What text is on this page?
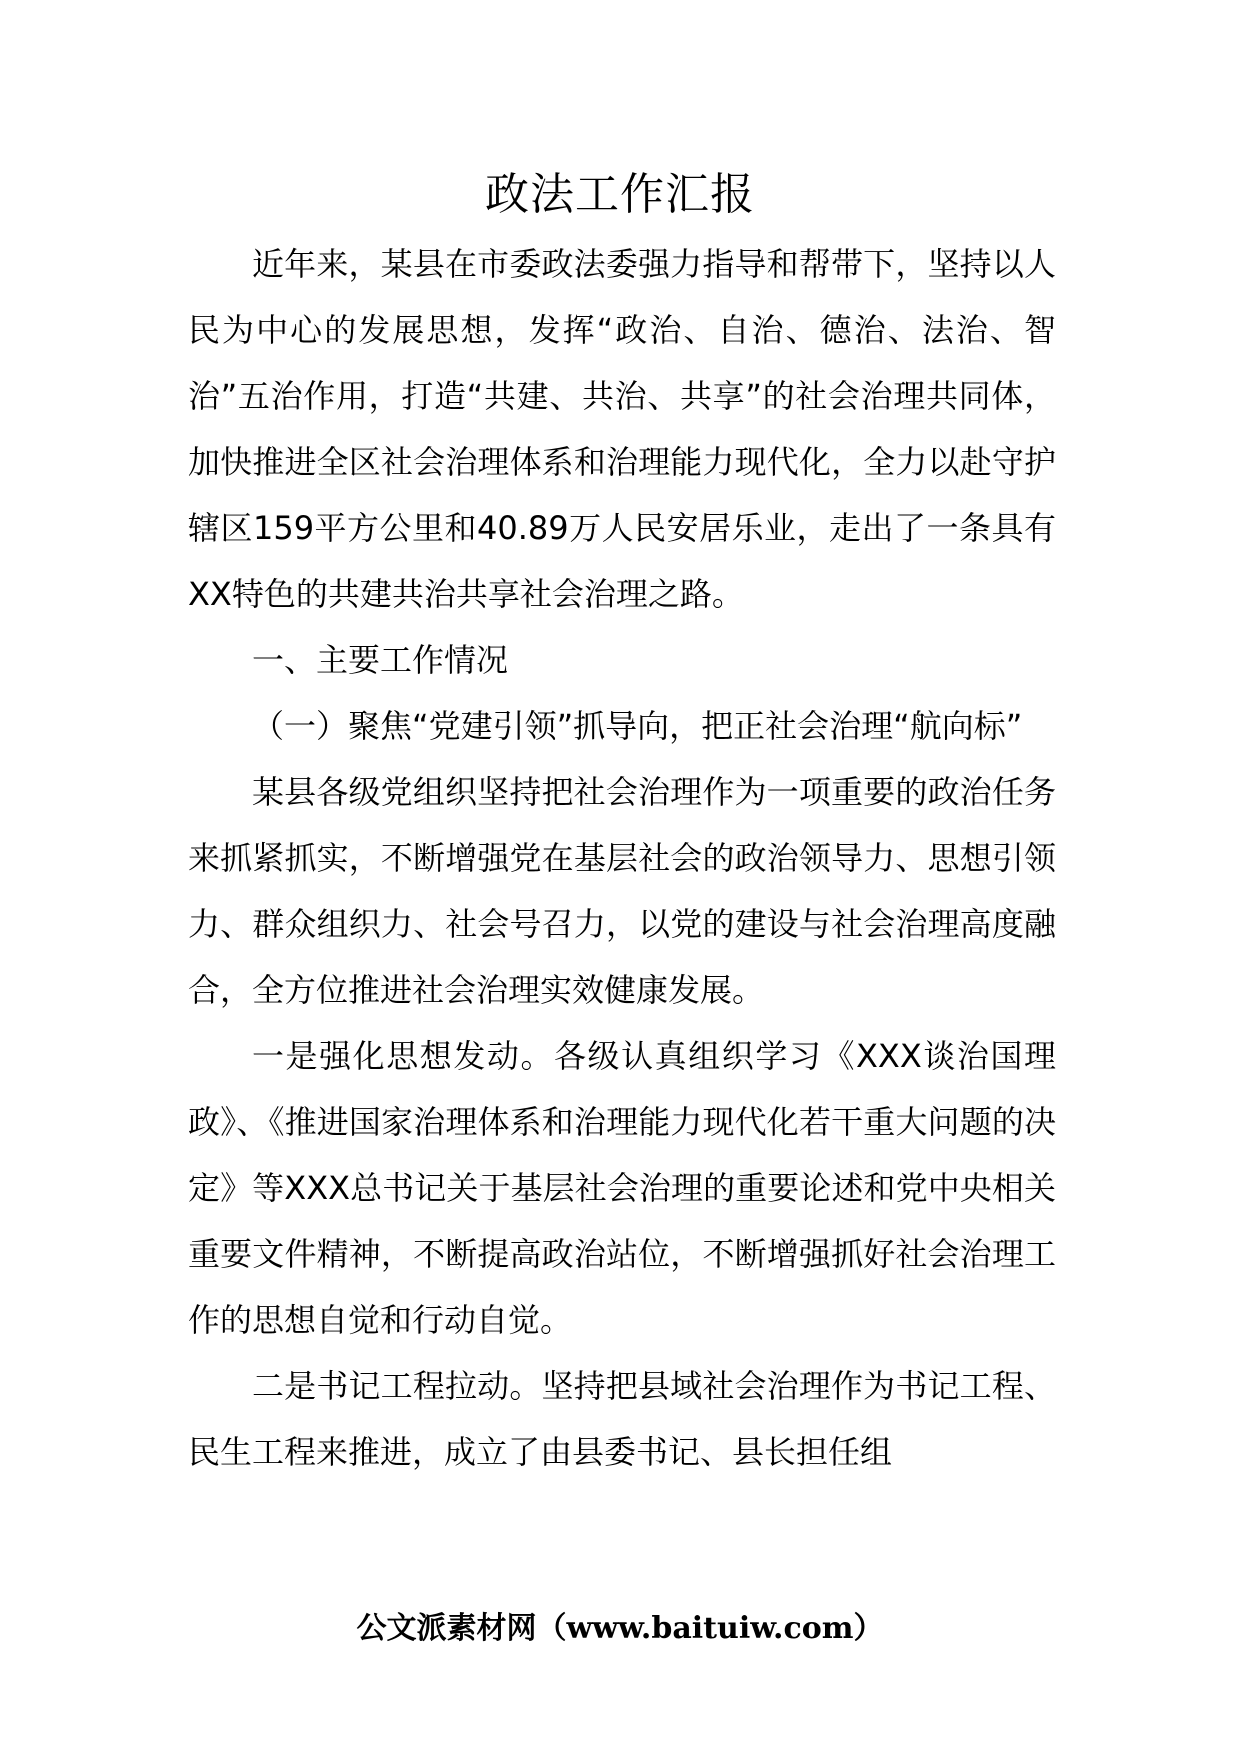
政法工作汇报

近年来，某县在市委政法委强力指导和帮带下，坚持以人民为中心的发展思想，发挥“政治、自治、德治、法治、智治”五治作用，打造“共建、共治、共享”的社会治理共同体，加快推进全区社会治理体系和治理能力现代化，全力以赴守护辖区159平方公里和40.89万人民安居乐业，走出了一条具有XX特色的共建共治共享社会治理之路。

一、主要工作情况

（一）聚焦“党建引领”抓导向，把正社会治理“航向标”

某县各级党组织坚持把社会治理作为一项重要的政治任务来抓紧抓实，不断增强党在基层社会的政治领导力、思想引领力、群众组织力、社会号召力，以党的建设与社会治理高度融合，全方位推进社会治理实效健康发展。

一是强化思想发动。各级认真组织学习《XXX谈治国理政》、《推进国家治理体系和治理能力现代化若干重大问题的决定》等XXX总书记关于基层社会治理的重要论述和党中央相关重要文件精神，不断提高政治站位，不断增强抓好社会治理工作的思想自觉和行动自觉。

二是书记工程拉动。坚持把县域社会治理作为书记工程、民生工程来推进，成立了由县委书记、县长担任组

公文派素材网（www.baituiw.com）
